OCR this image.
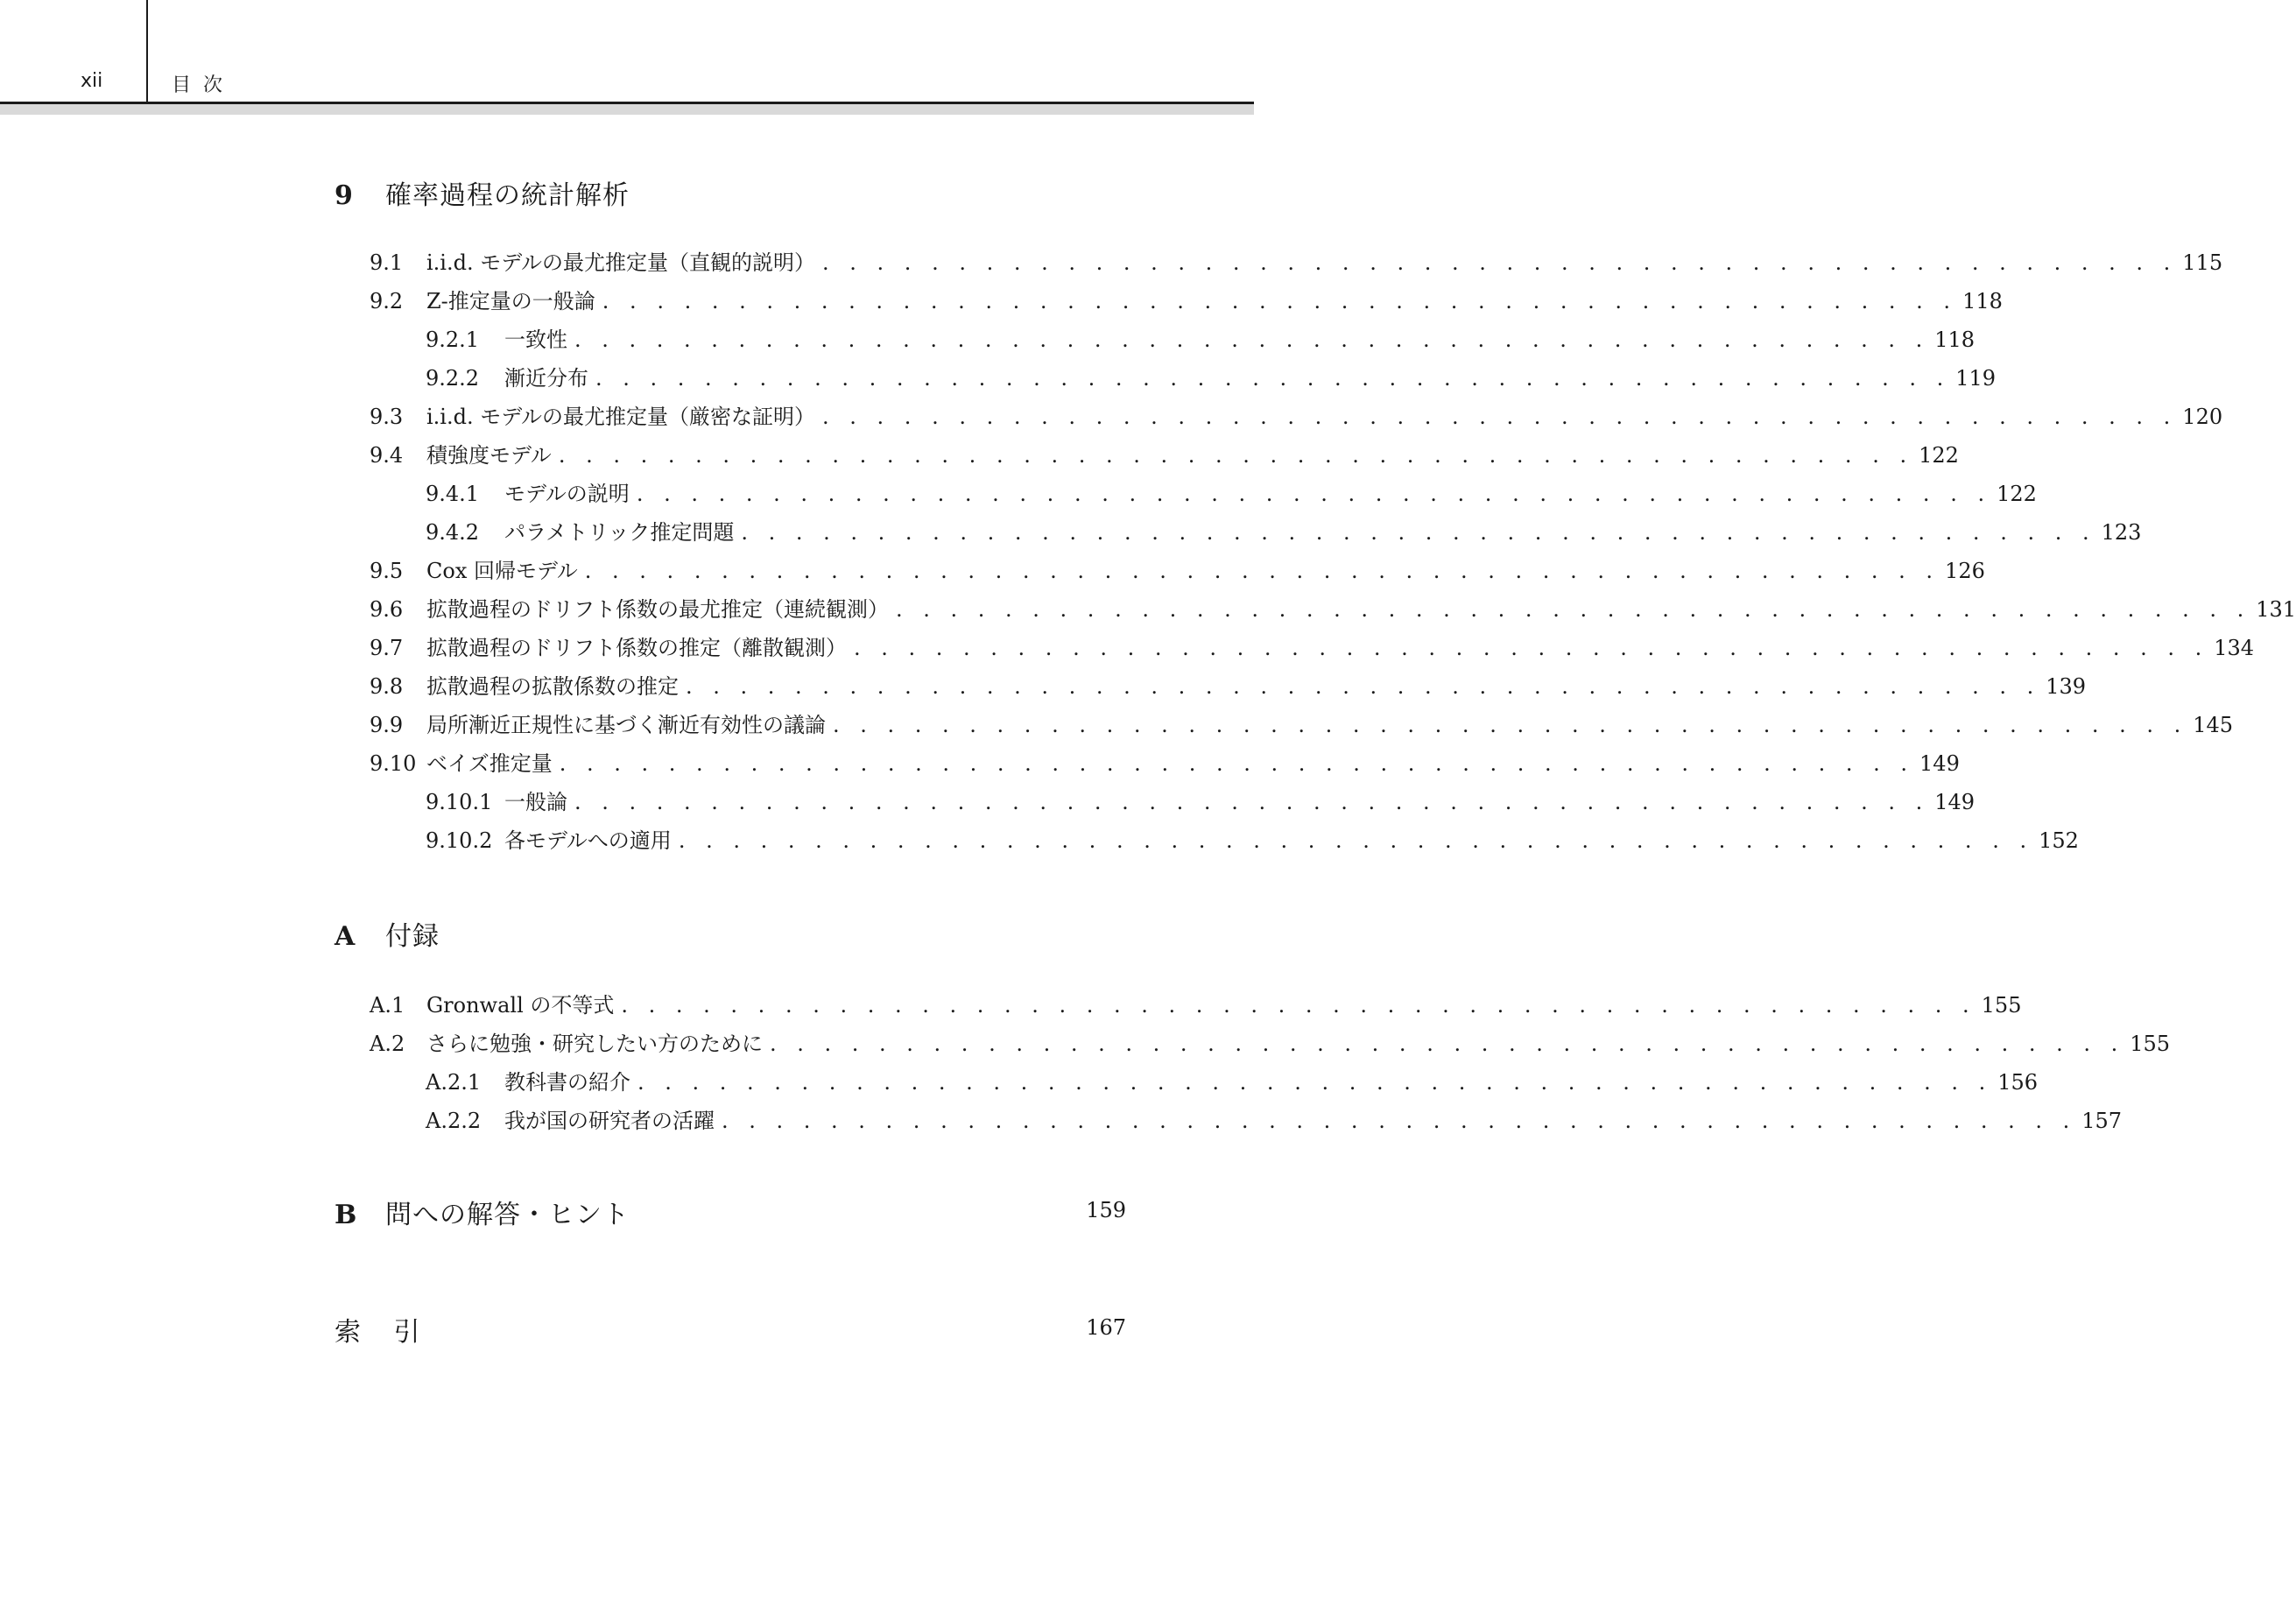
xii	目次
9 確率過程の統計解析
9.1	i.i.d. モデルの最尤推定量（直観的説明） . . . . . . . . . . . . . . . . . . . . . . . . . . . . . . . . . . . . . . . . . . . . . . . . . . 115
9.2	Z-推定量の一般論 . . . . . . . . . . . . . . . . . . . . . . . . . . . . . . . . . . . . . . . . . . . . . . . . . . 118
9.2.1	一致性 . . . . . . . . . . . . . . . . . . . . . . . . . . . . . . . . . . . . . . . . . . . . . . . . . . 118
9.2.2	漸近分布 . . . . . . . . . . . . . . . . . . . . . . . . . . . . . . . . . . . . . . . . . . . . . . . . . . 119
9.3	i.i.d. モデルの最尤推定量（厳密な証明） . . . . . . . . . . . . . . . . . . . . . . . . . . . . . . . . . . . . . . . . . . . . . . . . . . 120
9.4	積強度モデル . . . . . . . . . . . . . . . . . . . . . . . . . . . . . . . . . . . . . . . . . . . . . . . . . . 122
9.4.1	モデルの説明 . . . . . . . . . . . . . . . . . . . . . . . . . . . . . . . . . . . . . . . . . . . . . . . . . . 122
9.4.2	パラメトリック推定問題 . . . . . . . . . . . . . . . . . . . . . . . . . . . . . . . . . . . . . . . . . . . . . . . . . . 123
9.5	Cox 回帰モデル . . . . . . . . . . . . . . . . . . . . . . . . . . . . . . . . . . . . . . . . . . . . . . . . . . 126
9.6	拡散過程のドリフト係数の最尤推定（連続観測） . . . . . . . . . . . . . . . . . . . . . . . . . . . . . . . . . . . . . . . . . . . . . . . . . . 131
9.7	拡散過程のドリフト係数の推定（離散観測） . . . . . . . . . . . . . . . . . . . . . . . . . . . . . . . . . . . . . . . . . . . . . . . . . . 134
9.8	拡散過程の拡散係数の推定 . . . . . . . . . . . . . . . . . . . . . . . . . . . . . . . . . . . . . . . . . . . . . . . . . . 139
9.9	局所漸近正規性に基づく漸近有効性の議論 . . . . . . . . . . . . . . . . . . . . . . . . . . . . . . . . . . . . . . . . . . . . . . . . . . 145
9.10 ベイズ推定量 . . . . . . . . . . . . . . . . . . . . . . . . . . . . . . . . . . . . . . . . . . . . . . . . . . 149
9.10.1 一般論 . . . . . . . . . . . . . . . . . . . . . . . . . . . . . . . . . . . . . . . . . . . . . . . . . . 149
9.10.2 各モデルへの適用 . . . . . . . . . . . . . . . . . . . . . . . . . . . . . . . . . . . . . . . . . . . . . . . . . . 152
A 付録
A.1	Gronwall の不等式 . . . . . . . . . . . . . . . . . . . . . . . . . . . . . . . . . . . . . . . . . . . . . . . . . . 155
A.2	さらに勉強・研究したい方のために . . . . . . . . . . . . . . . . . . . . . . . . . . . . . . . . . . . . . . . . . . . . . . . . . . 155
A.2.1	教科書の紹介 . . . . . . . . . . . . . . . . . . . . . . . . . . . . . . . . . . . . . . . . . . . . . . . . . . 156
A.2.2	我が国の研究者の活躍 . . . . . . . . . . . . . . . . . . . . . . . . . . . . . . . . . . . . . . . . . . . . . . . . . . 157
B 問への解答・ヒント	159
索 引	167
